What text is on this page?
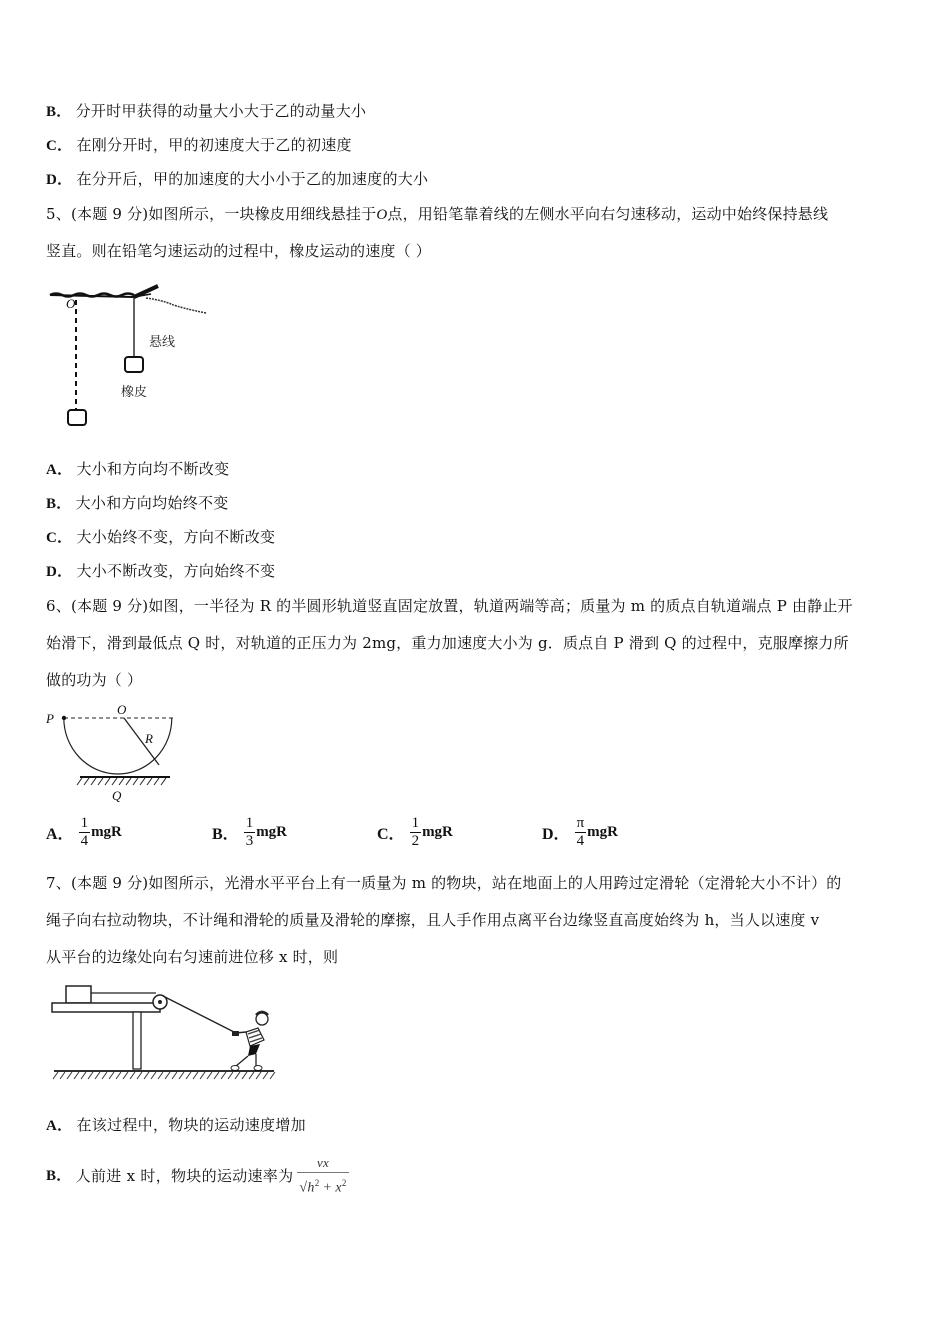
B． 分开时甲获得的动量大小大于乙的动量大小
C． 在刚分开时，甲的初速度大于乙的初速度
D． 在分开后，甲的加速度的大小小于乙的加速度的大小
5、(本题 9 分)如图所示，一块橡皮用细线悬挂于O点，用铅笔靠着线的左侧水平向右匀速移动，运动中始终保持悬线
竖直。则在铅笔匀速运动的过程中，橡皮运动的速度（ ）
O
悬线
橡皮
A． 大小和方向均不断改变
B． 大小和方向均始终不变
C． 大小始终不变，方向不断改变
D． 大小不断改变，方向始终不变
6、(本题 9 分)如图，一半径为 R 的半圆形轨道竖直固定放置，轨道两端等高；质量为 m 的质点自轨道端点 P 由静止开
始滑下，滑到最低点 Q 时，对轨道的正压力为 2mg，重力加速度大小为 g．质点自 P 滑到 Q 的过程中，克服摩擦力所
做的功为（ ）
P
O
R
Q
A． $\frac{1}{4}$ mgR	B． $\frac{1}{3}$ mgR	C． $\frac{1}{2}$ mgR	D． $\frac{\pi}{4}$ mgR
7、(本题 9 分)如图所示，光滑水平平台上有一质量为 m 的物块，站在地面上的人用跨过定滑轮（定滑轮大小不计）的
绳子向右拉动物块，不计绳和滑轮的质量及滑轮的摩擦，且人手作用点离平台边缘竖直高度始终为 h，当人以速度 v
从平台的边缘处向右匀速前进位移 x 时，则
A． 在该过程中，物块的运动速度增加
B． 人前进 x 时，物块的运动速率为 $\frac{vx}{√h^2 + x^2}$
